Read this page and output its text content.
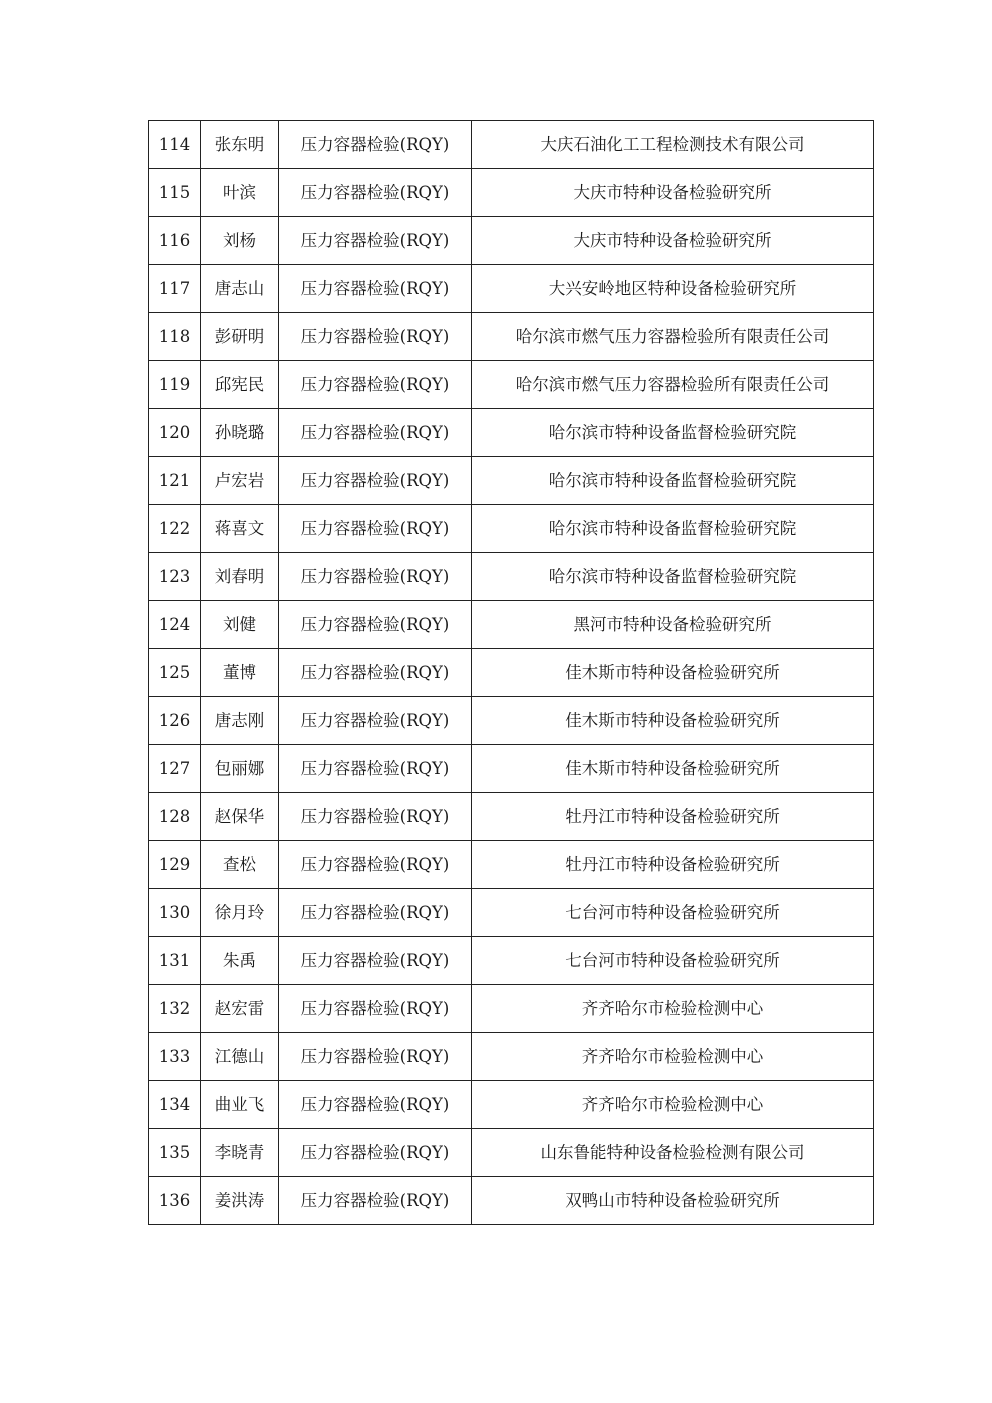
114	张东明	压力容器检验(RQY)	大庆石油化工工程检测技术有限公司
115	叶滨	压力容器检验(RQY)	大庆市特种设备检验研究所
116	刘杨	压力容器检验(RQY)	大庆市特种设备检验研究所
117	唐志山	压力容器检验(RQY)	大兴安岭地区特种设备检验研究所
118	彭研明	压力容器检验(RQY)	哈尔滨市燃气压力容器检验所有限责任公司
119	邱宪民	压力容器检验(RQY)	哈尔滨市燃气压力容器检验所有限责任公司
120	孙晓璐	压力容器检验(RQY)	哈尔滨市特种设备监督检验研究院
121	卢宏岩	压力容器检验(RQY)	哈尔滨市特种设备监督检验研究院
122	蒋喜文	压力容器检验(RQY)	哈尔滨市特种设备监督检验研究院
123	刘春明	压力容器检验(RQY)	哈尔滨市特种设备监督检验研究院
124	刘健	压力容器检验(RQY)	黑河市特种设备检验研究所
125	董博	压力容器检验(RQY)	佳木斯市特种设备检验研究所
126	唐志刚	压力容器检验(RQY)	佳木斯市特种设备检验研究所
127	包丽娜	压力容器检验(RQY)	佳木斯市特种设备检验研究所
128	赵保华	压力容器检验(RQY)	牡丹江市特种设备检验研究所
129	查松	压力容器检验(RQY)	牡丹江市特种设备检验研究所
130	徐月玲	压力容器检验(RQY)	七台河市特种设备检验研究所
131	朱禹	压力容器检验(RQY)	七台河市特种设备检验研究所
132	赵宏雷	压力容器检验(RQY)	齐齐哈尔市检验检测中心
133	江德山	压力容器检验(RQY)	齐齐哈尔市检验检测中心
134	曲业飞	压力容器检验(RQY)	齐齐哈尔市检验检测中心
135	李晓青	压力容器检验(RQY)	山东鲁能特种设备检验检测有限公司
136	姜洪涛	压力容器检验(RQY)	双鸭山市特种设备检验研究所
